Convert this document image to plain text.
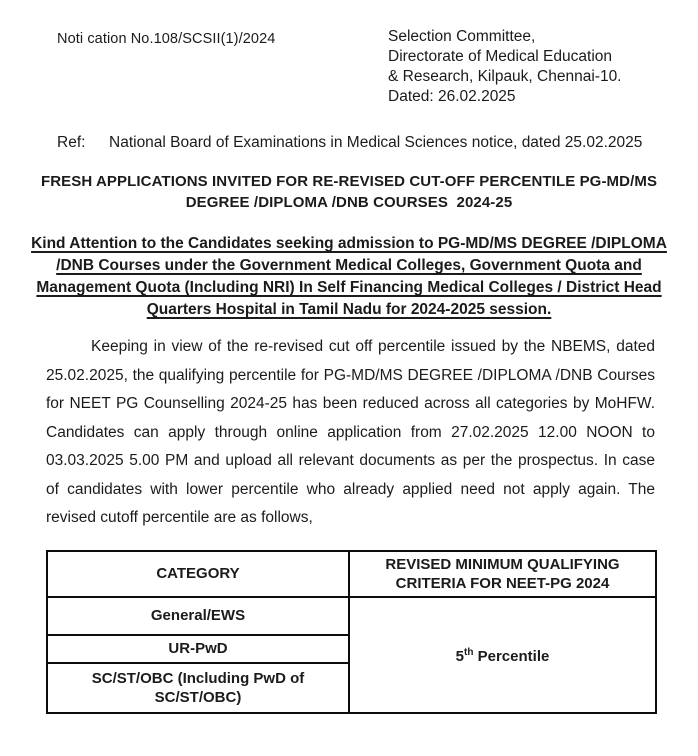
Noti cation No.108/SCSII(1)/2024	Selection Committee,
Directorate of Medical Education
& Research, Kilpauk, Chennai-10.
Dated: 26.02.2025
Ref:	National Board of Examinations in Medical Sciences notice, dated 25.02.2025
FRESH APPLICATIONS INVITED FOR RE-REVISED CUT-OFF PERCENTILE PG-MD/MS
DEGREE /DIPLOMA /DNB COURSES  2024-25
Kind Attention to the Candidates seeking admission to PG-MD/MS DEGREE /DIPLOMA /DNB Courses under the Government Medical Colleges, Government Quota and Management Quota (Including NRI) In Self Financing Medical Colleges / District Head Quarters Hospital in Tamil Nadu for 2024-2025 session.

Keeping in view of the re-revised cut off percentile issued by the NBEMS, dated 25.02.2025, the qualifying percentile for PG-MD/MS DEGREE /DIPLOMA /DNB Courses for NEET PG Counselling 2024-25 has been reduced across all categories by MoHFW. Candidates can apply through online application from 27.02.2025 12.00 NOON to 03.03.2025 5.00 PM and upload all relevant documents as per the prospectus. In case of candidates with lower percentile who already applied need not apply again. The revised cutoff percentile are as follows,

CATEGORY	REVISED MINIMUM QUALIFYING CRITERIA FOR NEET-PG 2024
General/EWS	5th Percentile
UR-PwD	
SC/ST/OBC (Including PwD of SC/ST/OBC)	
